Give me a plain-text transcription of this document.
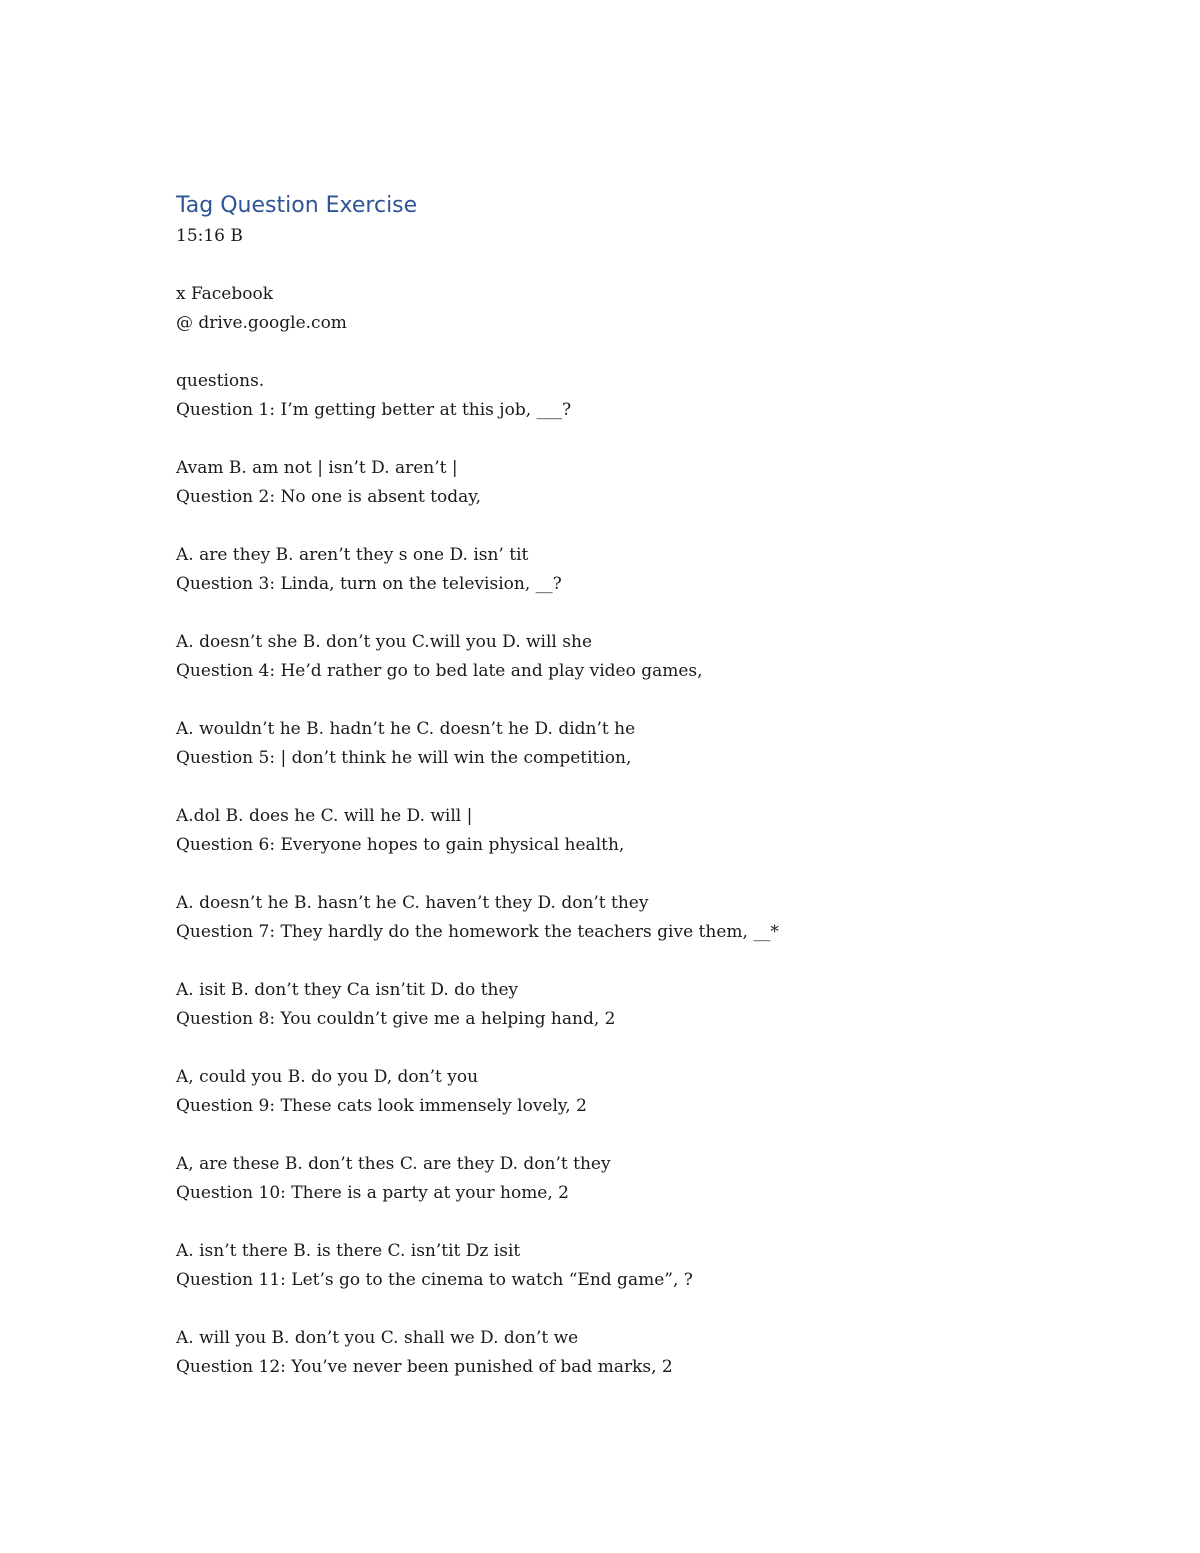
Tag Question Exercise

15:16 B

x Facebook

@ drive.google.com

questions.

Question 1: I’m getting better at this job, ___?

Avam B. am not | isn’t D. aren’t |

Question 2: No one is absent today,

A. are they B. aren’t they s one D. isn’ tit

Question 3: Linda, turn on the television, __?

A. doesn’t she B. don’t you C.will you D. will she

Question 4: He’d rather go to bed late and play video games,

A. wouldn’t he B. hadn’t he C. doesn’t he D. didn’t he

Question 5: | don’t think he will win the competition,

A.dol B. does he C. will he D. will |

Question 6: Everyone hopes to gain physical health,

A. doesn’t he B. hasn’t he C. haven’t they D. don’t they

Question 7: They hardly do the homework the teachers give them, __*

A. isit B. don’t they Ca isn’tit D. do they

Question 8: You couldn’t give me a helping hand, 2

A, could you B. do you D, don’t you

Question 9: These cats look immensely lovely, 2

A, are these B. don’t thes C. are they D. don’t they

Question 10: There is a party at your home, 2

A. isn’t there B. is there C. isn’tit Dz isit

Question 11: Let’s go to the cinema to watch “End game”, ?

A. will you B. don’t you C. shall we D. don’t we

Question 12: You’ve never been punished of bad marks, 2
